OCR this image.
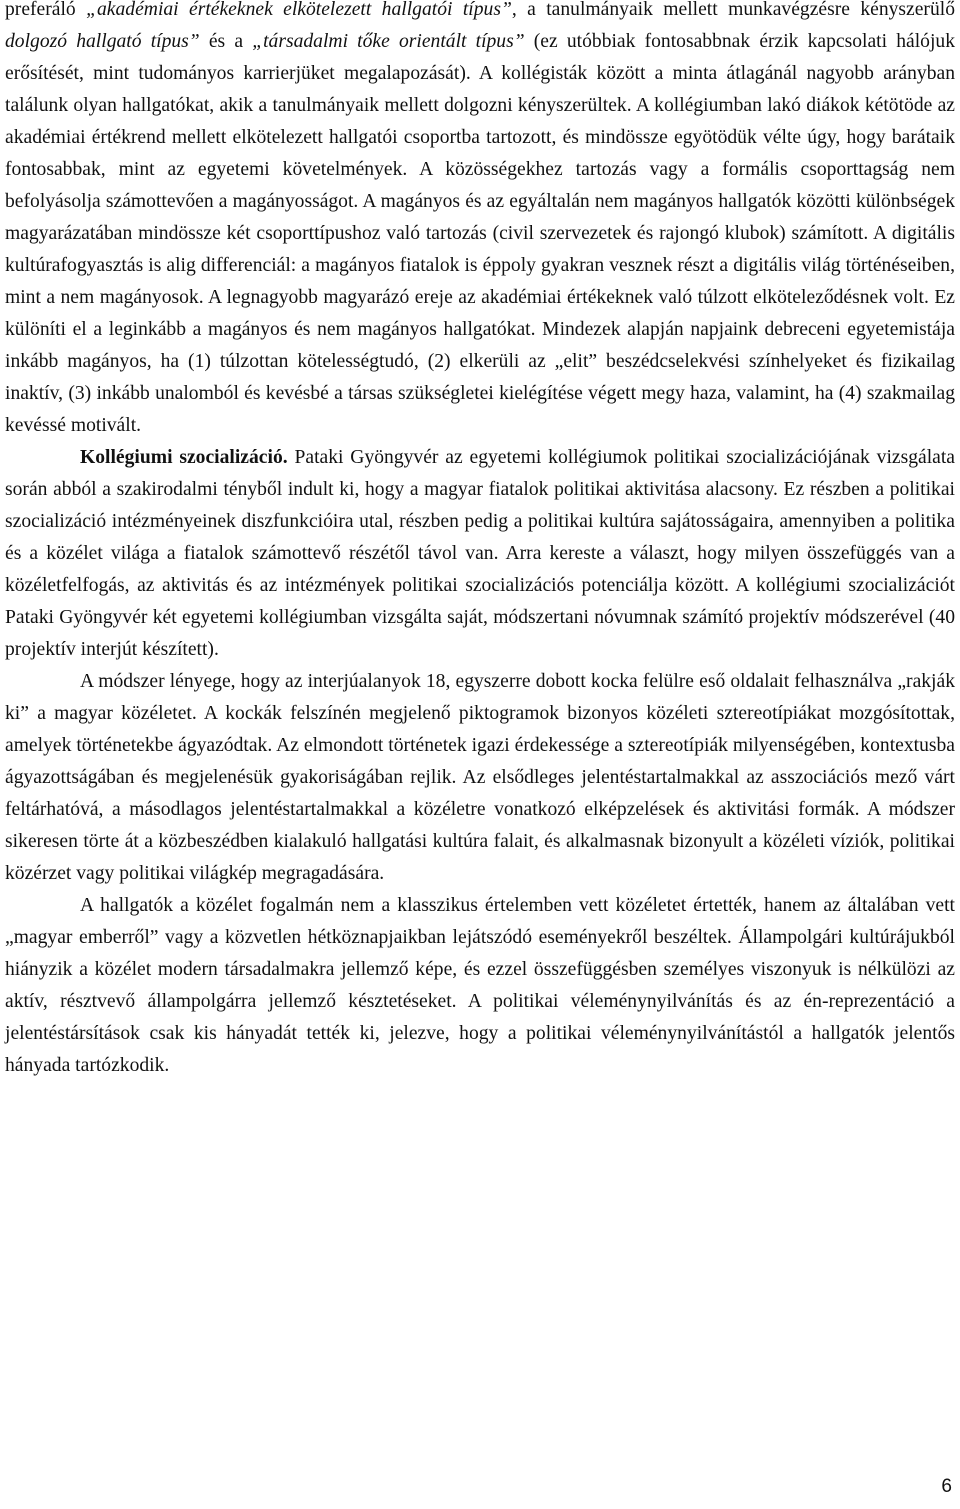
preferáló „akadémiai értékeknek elkötelezett hallgatói típus”, a tanulmányaik mellett munkavégzésre kényszerülő dolgozó hallgató típus” és a „társadalmi tőke orientált típus” (ez utóbbiak fontosabbnak érzik kapcsolati hálójuk erősítését, mint tudományos karrierjüket megalapozását). A kollégisták között a minta átlagánál nagyobb arányban találunk olyan hallgatókat, akik a tanulmányaik mellett dolgozni kényszerültek. A kollégiumban lakó diákok kétötöde az akadémiai értékrend mellett elkötelezett hallgatói csoportba tartozott, és mindössze egyötödük vélte úgy, hogy barátaik fontosabbak, mint az egyetemi követelmények. A közösségekhez tartozás vagy a formális csoporttagság nem befolyásolja számottevően a magányosságot. A magányos és az egyáltalán nem magányos hallgatók közötti különbségek magyarázatában mindössze két csoporttípushoz való tartozás (civil szervezetek és rajongó klubok) számított. A digitális kultúrafogyasztás is alig differenciál: a magányos fiatalok is éppoly gyakran vesznek részt a digitális világ történéseiben, mint a nem magányosok. A legnagyobb magyarázó ereje az akadémiai értékeknek való túlzott elköteleződésnek volt. Ez különíti el a leginkább a magányos és nem magányos hallgatókat. Mindezek alapján napjaink debreceni egyetemistája inkább magányos, ha (1) túlzottan kötelességtudó, (2) elkerüli az „elit” beszédcselekvési színhelyeket és fizikailag inaktív, (3) inkább unalomból és kevésbé a társas szükségletei kielégítése végett megy haza, valamint, ha (4) szakmailag kevéssé motivált.

Kollégiumi szocializáció. Pataki Gyöngyvér az egyetemi kollégiumok politikai szocializációjának vizsgálata során abból a szakirodalmi tényből indult ki, hogy a magyar fiatalok politikai aktivitása alacsony. Ez részben a politikai szocializáció intézményeinek diszfunkcióira utal, részben pedig a politikai kultúra sajátosságaira, amennyiben a politika és a közélet világa a fiatalok számottevő részétől távol van. Arra kereste a választ, hogy milyen összefüggés van a közéletfelfogás, az aktivitás és az intézmények politikai szocializációs potenciálja között. A kollégiumi szocializációt Pataki Gyöngyvér két egyetemi kollégiumban vizsgálta saját, módszertani nóvumnak számító projektív módszerével (40 projektív interjút készített).

A módszer lényege, hogy az interjúalanyok 18, egyszerre dobott kocka felülre eső oldalait felhasználva „rakják ki” a magyar közéletet. A kockák felszínén megjelenő piktogramok bizonyos közéleti sztereotípiákat mozgósítottak, amelyek történetekbe ágyazódtak. Az elmondott történetek igazi érdekessége a sztereotípiák milyenségében, kontextusba ágyazottságában és megjelenésük gyakoriságában rejlik. Az elsődleges jelentéstartalmakkal az asszociációs mező várt feltárhatóvá, a másodlagos jelentéstartalmakkal a közéletre vonatkozó elképzelések és aktivitási formák. A módszer sikeresen törte át a közbeszédben kialakuló hallgatási kultúra falait, és alkalmasnak bizonyult a közéleti víziók, politikai közérzet vagy politikai világkép megragadására.

A hallgatók a közélet fogalmán nem a klasszikus értelemben vett közéletet értették, hanem az általában vett „magyar emberről” vagy a közvetlen hétköznapjaikban lejátszódó eseményekről beszéltek. Állampolgári kultúrájukból hiányzik a közélet modern társadalmakra jellemző képe, és ezzel összefüggésben személyes viszonyuk is nélkülözi az aktív, résztvevő állampolgárra jellemző késztetéseket. A politikai véleménynyilvánítás és az én-reprezentáció a jelentéstársítások csak kis hányadát tették ki, jelezve, hogy a politikai véleménynyilvánítástól a hallgatók jelentős hányada tartózkodik.

6
